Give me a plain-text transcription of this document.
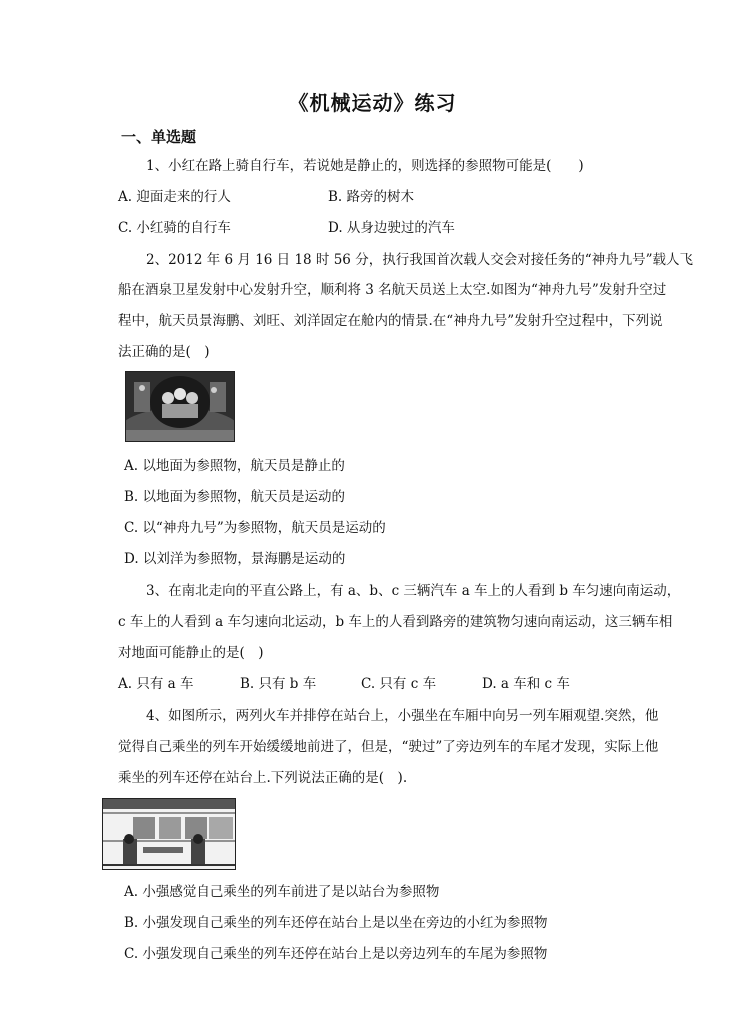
《机械运动》练习
一、单选题
1、小红在路上骑自行车，若说她是静止的，则选择的参照物可能是(　　)
A. 迎面走来的行人	B. 路旁的树木
C. 小红骑的自行车	D. 从身边驶过的汽车
2、2012 年 6 月 16 日 18 时 56 分，执行我国首次载人交会对接任务的“神舟九号”载人飞
船在酒泉卫星发射中心发射升空，顺利将 3 名航天员送上太空.如图为“神舟九号”发射升空过
程中，航天员景海鹏、刘旺、刘洋固定在舱内的情景.在“神舟九号”发射升空过程中，下列说
法正确的是(　)
A. 以地面为参照物，航天员是静止的
B. 以地面为参照物，航天员是运动的
C. 以“神舟九号”为参照物，航天员是运动的
D. 以刘洋为参照物，景海鹏是运动的
3、在南北走向的平直公路上，有 a、b、c 三辆汽车 a 车上的人看到 b 车匀速向南运动，
c 车上的人看到 a 车匀速向北运动，b 车上的人看到路旁的建筑物匀速向南运动，这三辆车相
对地面可能静止的是(　)
A. 只有 a 车	B. 只有 b 车	C. 只有 c 车	D. a 车和 c 车
4、如图所示，两列火车并排停在站台上，小强坐在车厢中向另一列车厢观望.突然，他
觉得自己乘坐的列车开始缓缓地前进了，但是，“驶过”了旁边列车的车尾才发现，实际上他
乘坐的列车还停在站台上.下列说法正确的是(　).
A. 小强感觉自己乘坐的列车前进了是以站台为参照物
B. 小强发现自己乘坐的列车还停在站台上是以坐在旁边的小红为参照物
C. 小强发现自己乘坐的列车还停在站台上是以旁边列车的车尾为参照物
